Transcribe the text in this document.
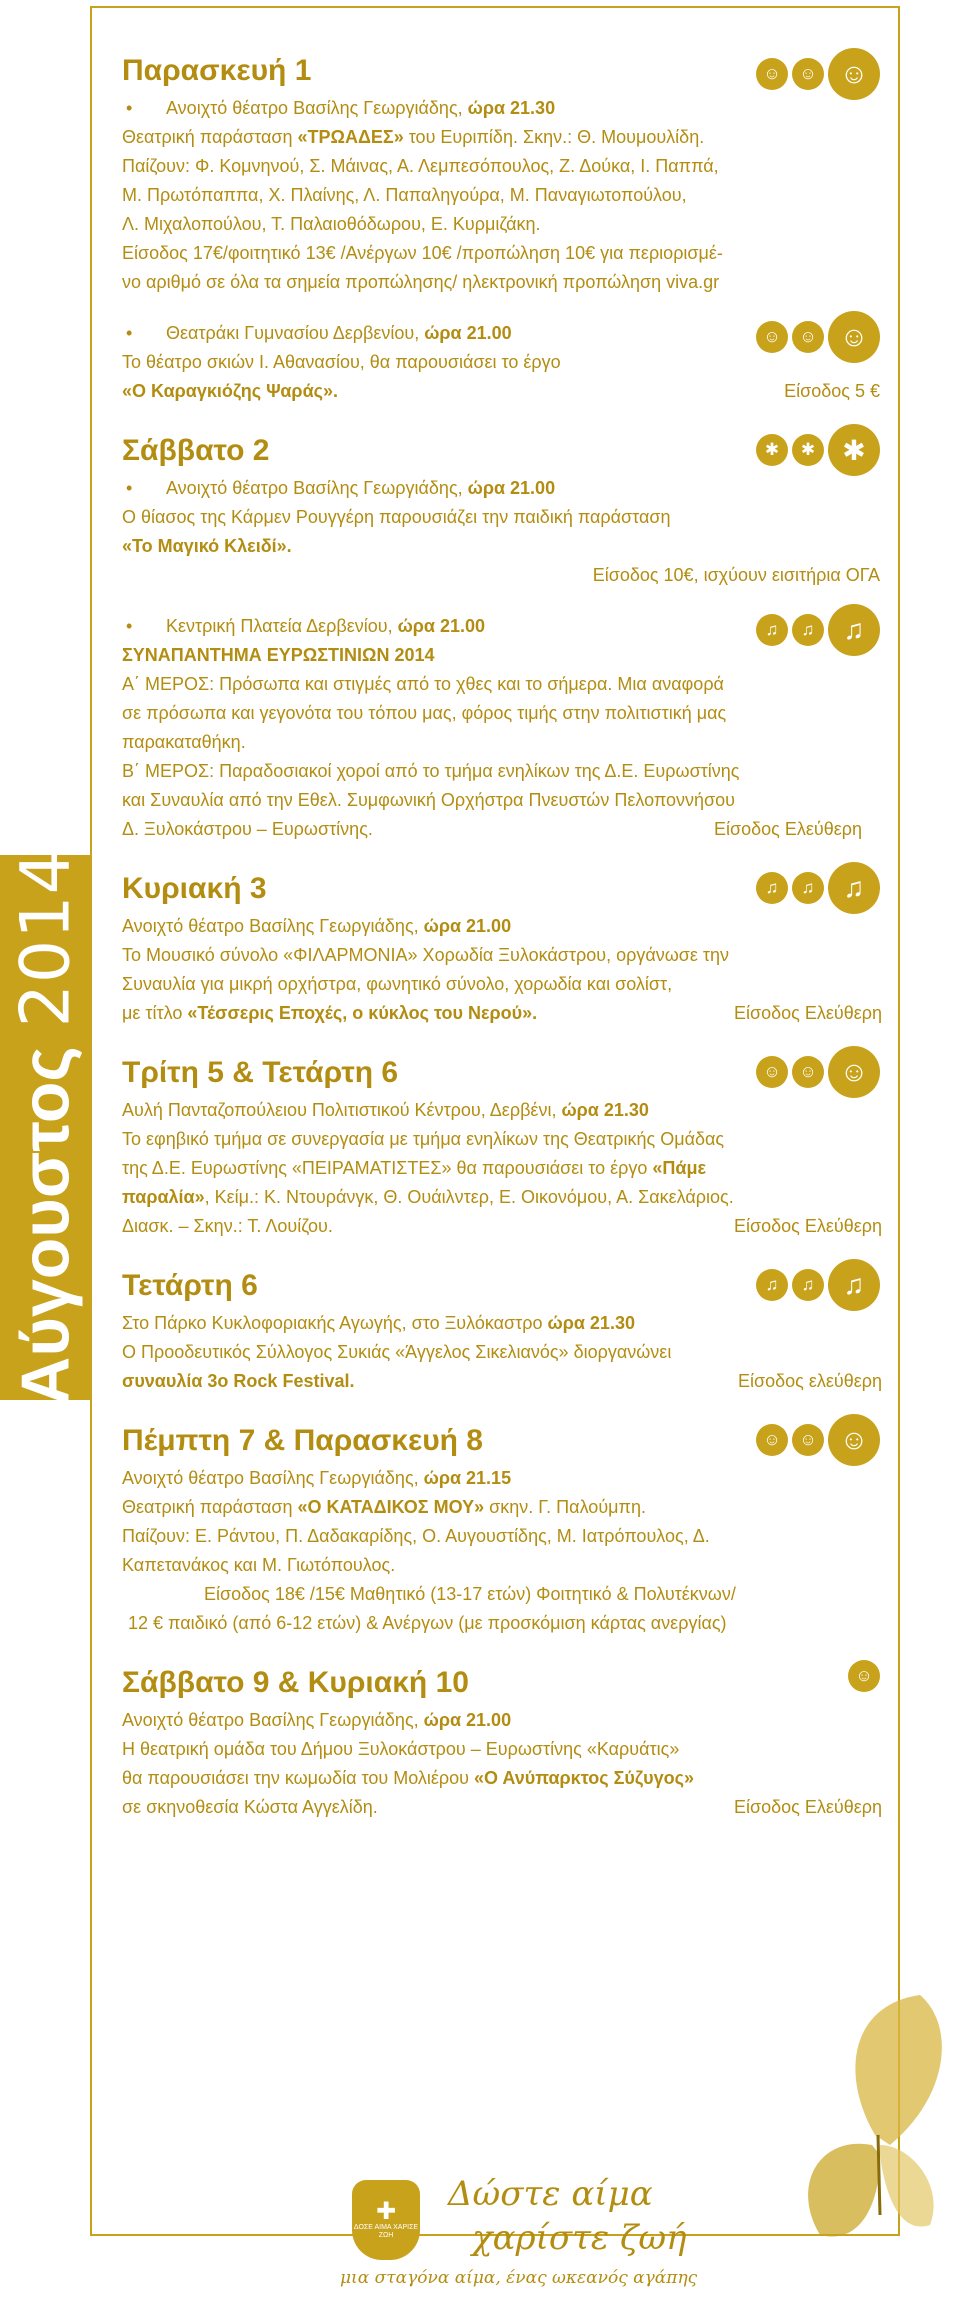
Αύγουστος 2014
☺	☺ ☺

Παρασκευή 1

• Ανοιχτό θέατρο Βασίλης Γεωργιάδης, ώρα 21.30

Θεατρική παράσταση «ΤΡΩΑΔΕΣ» του Ευριπίδη. Σκην.: Θ. Μουμουλίδη.

Παίζουν: Φ. Κομνηνού, Σ. Μάινας, Α. Λεμπεσόπουλος, Ζ. Δούκα, Ι. Παππά,

Μ. Πρωτόπαππα, Χ. Πλαίνης, Λ. Παπαληγούρα, Μ. Παναγιωτοπούλου,

Λ. Μιχαλοπούλου, Τ. Παλαιοθόδωρου, Ε. Κυρμιζάκη.

Είσοδος 17€/φοιτητικό 13€ /Ανέργων 10€ /προπώληση 10€ για περιορισμέ-

νο αριθμό σε όλα τα σημεία προπώλησης/ ηλεκτρονική προπώληση viva.gr

☺	☺ ☺

• Θεατράκι Γυμνασίου Δερβενίου, ώρα 21.00

Το θέατρο σκιών Ι. Αθανασίου, θα παρουσιάσει το έργο

«Ο Καραγκιόζης Ψαράς».	Είσοδος 5 €

✱	✱ ✱

Σάββατο 2

• Ανοιχτό θέατρο Βασίλης Γεωργιάδης, ώρα 21.00

Ο θίασος της Κάρμεν Ρουγγέρη παρουσιάζει την παιδική παράσταση

«Το Μαγικό Κλειδί».

Είσοδος 10€, ισχύουν εισιτήρια ΟΓΑ

♫	♫	♫

• Κεντρική Πλατεία Δερβενίου, ώρα 21.00

ΣΥΝΑΠΑΝΤΗΜΑ ΕΥΡΩΣΤΙΝΙΩΝ 2014

Α΄ ΜΕΡΟΣ: Πρόσωπα και στιγμές από το χθες και το σήμερα. Μια αναφορά

σε πρόσωπα και γεγονότα του τόπου μας, φόρος τιμής στην πολιτιστική μας

παρακαταθήκη.

Β΄ ΜΕΡΟΣ: Παραδοσιακοί χοροί από το τμήμα ενηλίκων της Δ.Ε. Ευρωστίνης

και Συναυλία από την Εθελ. Συμφωνική Ορχήστρα Πνευστών Πελοποννήσου

Δ. Ξυλοκάστρου – Ευρωστίνης.	Είσοδος Ελεύθερη

♫	♫	♫

Κυριακή 3

Ανοιχτό θέατρο Βασίλης Γεωργιάδης, ώρα 21.00

Το Μουσικό σύνολο «ΦΙΛΑΡΜΟΝΙΑ» Χορωδία Ξυλοκάστρου, οργάνωσε την

Συναυλία για μικρή ορχήστρα, φωνητικό σύνολο, χορωδία και σολίστ,

με τίτλο «Τέσσερις Εποχές, ο κύκλος του Νερού».	Είσοδος Ελεύθερη

☺	☺ ☺

Τρίτη 5 & Τετάρτη 6

Αυλή Πανταζοπούλειου Πολιτιστικού Κέντρου, Δερβένι, ώρα 21.30

Το εφηβικό τμήμα σε συνεργασία με τμήμα ενηλίκων της Θεατρικής Ομάδας

της Δ.Ε. Ευρωστίνης «ΠΕΙΡΑΜΑΤΙΣΤΕΣ» θα παρουσιάσει το έργο «Πάμε

παραλία», Κείμ.: Κ. Ντουράνγκ, Θ. Ουάιλντερ, Ε. Οικονόμου, Α. Σακελάριος.

Διασκ. – Σκην.: Τ. Λουίζου.	Είσοδος Ελεύθερη

♫	♫	♫

Τετάρτη 6

Στο Πάρκο Κυκλοφοριακής Αγωγής, στο Ξυλόκαστρο ώρα 21.30

Ο Προοδευτικός Σύλλογος Συκιάς «Άγγελος Σικελιανός» διοργανώνει

συναυλία 3ο Rock Festival.	Είσοδος ελεύθερη

☺	☺ ☺

Πέμπτη 7 & Παρασκευή 8

Ανοιχτό θέατρο Βασίλης Γεωργιάδης, ώρα 21.15

Θεατρική παράσταση «Ο ΚΑΤΑΔΙΚΟΣ ΜΟΥ» σκην. Γ. Παλούμπη.

Παίζουν: Ε. Ράντου, Π. Δαδακαρίδης, Ο. Αυγουστίδης, Μ. Ιατρόπουλος, Δ.

Καπετανάκος και Μ. Γιωτόπουλος.

Είσοδος 18€ /15€ Μαθητικό (13-17 ετών) Φοιτητικό & Πολυτέκνων/

12 € παιδικό (από 6-12 ετών) & Ανέργων (με προσκόμιση κάρτας ανεργίας)

☺

Σάββατο 9 & Κυριακή 10

Ανοιχτό θέατρο Βασίλης Γεωργιάδης, ώρα 21.00

Η θεατρική ομάδα του Δήμου Ξυλοκάστρου – Ευρωστίνης «Καρυάτις»

θα παρουσιάσει την κωμωδία του Μολιέρου «Ο Ανύπαρκτος Σύζυγος»

σε σκηνοθεσία Κώστα Αγγελίδη.	Είσοδος Ελεύθερη

✚
ΔΟΣΕ ΑΙΜΑ ΧΑΡΙΣΕ ΖΩΗ
Δώστε αίμα
χαρίστε ζωή
μια σταγόνα αίμα, ένας ωκεανός αγάπης
